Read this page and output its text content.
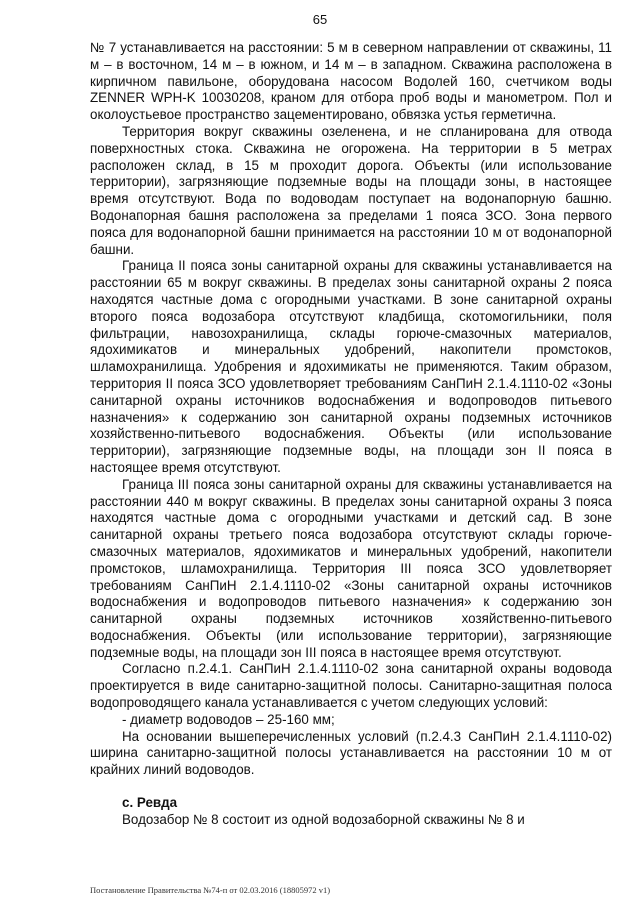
65

№ 7 устанавливается на расстоянии: 5 м в северном направлении от скважины, 11 м – в восточном, 14 м – в южном, и 14 м – в западном. Скважина расположена в кирпичном павильоне, оборудована насосом Водолей 160, счетчиком воды ZENNER WPH-K 10030208, краном для отбора проб воды и манометром. Пол и околоустьевое пространство зацементировано, обвязка устья герметична.

Территория вокруг скважины озеленена, и не спланирована для отвода поверхностных стока. Скважина не огорожена. На территории в 5 метрах расположен склад, в 15 м проходит дорога. Объекты (или использование территории), загрязняющие подземные воды на площади зоны, в настоящее время отсутствуют. Вода по водоводам поступает на водонапорную башню. Водонапорная башня расположена за пределами 1 пояса ЗСО. Зона первого пояса для водонапорной башни принимается на расстоянии 10 м от водонапорной башни.

Граница II пояса зоны санитарной охраны для скважины устанавливается на расстоянии 65 м вокруг скважины. В пределах зоны санитарной охраны 2 пояса находятся частные дома с огородными участками. В зоне санитарной охраны второго пояса водозабора отсутствуют кладбища, скотомогильники, поля фильтрации, навозохранилища, склады горюче-смазочных материалов, ядохимикатов и минеральных удобрений, накопители промстоков, шламохранилища. Удобрения и ядохимикаты не применяются. Таким образом, территория II пояса ЗСО удовлетворяет требованиям СанПиН 2.1.4.1110-02 «Зоны санитарной охраны источников водоснабжения и водопроводов питьевого назначения» к содержанию зон санитарной охраны подземных источников хозяйственно-питьевого водоснабжения. Объекты (или использование территории), загрязняющие подземные воды, на площади зон II пояса в настоящее время отсутствуют.

Граница III пояса зоны санитарной охраны для скважины устанавливается на расстоянии 440 м вокруг скважины. В пределах зоны санитарной охраны 3 пояса находятся частные дома с огородными участками и детский сад. В зоне санитарной охраны третьего пояса водозабора отсутствуют склады горюче-смазочных материалов, ядохимикатов и минеральных удобрений, накопители промстоков, шламохранилища. Территория III пояса ЗСО удовлетворяет требованиям СанПиН 2.1.4.1110-02 «Зоны санитарной охраны источников водоснабжения и водопроводов питьевого назначения» к содержанию зон санитарной охраны подземных источников хозяйственно-питьевого водоснабжения. Объекты (или использование территории), загрязняющие подземные воды, на площади зон III пояса в настоящее время отсутствуют.

Согласно п.2.4.1. СанПиН 2.1.4.1110-02 зона санитарной охраны водовода проектируется в виде санитарно-защитной полосы. Санитарно-защитная полоса водопроводящего канала устанавливается с учетом следующих условий:

- диаметр водоводов – 25-160 мм;

На основании вышеперечисленных условий (п.2.4.3 СанПиН 2.1.4.1110-02) ширина санитарно-защитной полосы устанавливается на расстоянии 10 м от крайних линий водоводов.

с. Ревда

Водозабор № 8 состоит из одной водозаборной скважины № 8 и

Постановление Правительства №74-п от 02.03.2016 (18805972 v1)
